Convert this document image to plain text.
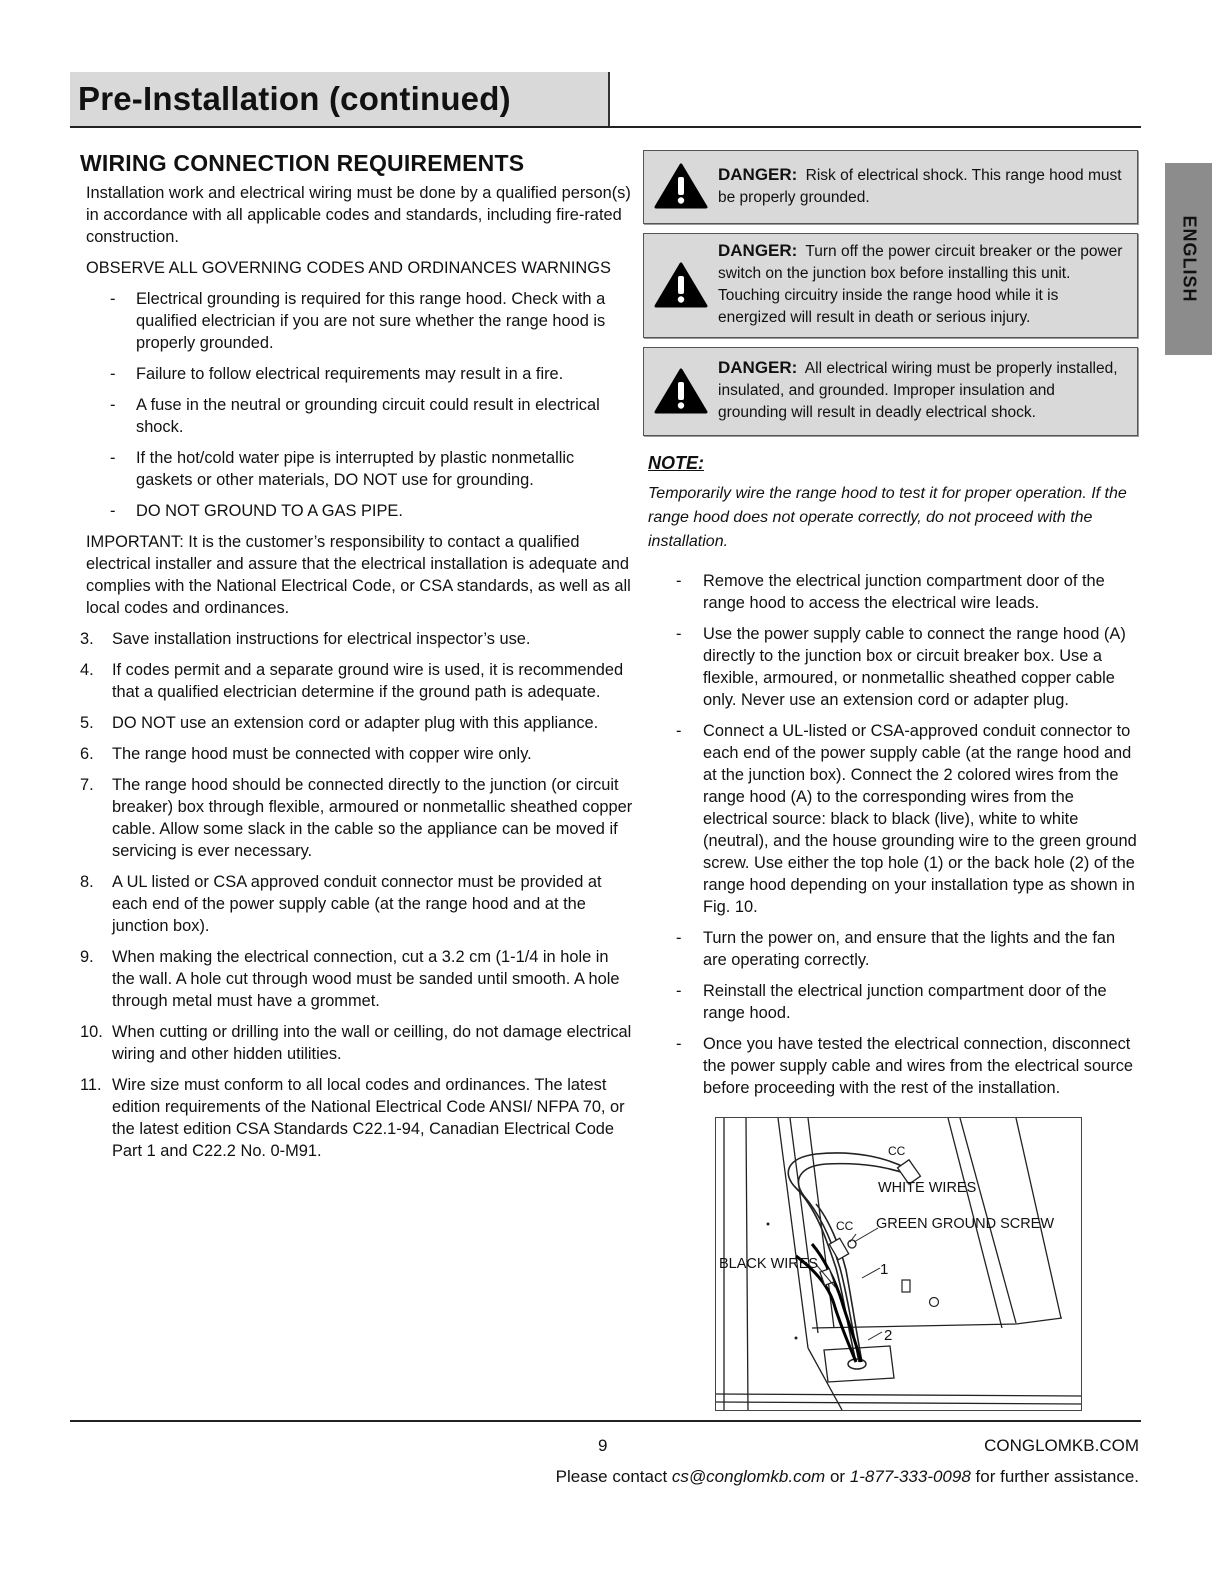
Pre-Installation (continued)
ENGLISH
WIRING CONNECTION REQUIREMENTS
Installation work and electrical wiring must be done by a qualified person(s) in accordance with all applicable codes and standards, including fire-rated construction.
OBSERVE ALL GOVERNING CODES AND ORDINANCES WARNINGS
-	Electrical grounding is required for this range hood. Check with a qualified electrician if you are not sure whether the range hood is properly grounded.
-	Failure to follow electrical requirements may result in a fire.
-	A fuse in the neutral or grounding circuit could result in electrical shock.
-	If the hot/cold water pipe is interrupted by plastic nonmetallic gaskets or other materials, DO NOT use for grounding.
-	DO NOT GROUND TO A GAS PIPE.
IMPORTANT: It is the customer’s responsibility to contact a qualified electrical installer and assure that the electrical installation is adequate and complies with the National Electrical Code, or CSA standards, as well as all local codes and ordinances.
3.	Save installation instructions for electrical inspector’s use.
4.	If codes permit and a separate ground wire is used, it is recommended that a qualified electrician determine if the ground path is adequate.
5.	DO NOT use an extension cord or adapter plug with this appliance.
6.	The range hood must be connected with copper wire only.
7.	The range hood should be connected directly to the junction (or circuit breaker) box through flexible, armoured or nonmetallic sheathed copper cable. Allow some slack in the cable so the appliance can be moved if servicing is ever necessary.
8.	A UL listed or CSA approved conduit connector must be provided at each end of the power supply cable (at the range hood and at the junction box).
9.	When making the electrical connection, cut a 3.2 cm (1-1/4 in hole in the wall. A hole cut through wood must be sanded until smooth. A hole through metal must have a grommet.
10. When cutting or drilling into the wall or ceilling, do not damage electrical wiring and other hidden utilities.
11. Wire size must conform to all local codes and ordinances. The latest edition requirements of the National Electrical Code ANSI/ NFPA 70, or the latest edition CSA Standards C22.1-94, Canadian Electrical Code Part 1 and C22.2 No. 0-M91.
DANGER: Risk of electrical shock. This range hood must be properly grounded.
DANGER: Turn off the power circuit breaker or the power switch on the junction box before installing this unit. Touching circuitry inside the range hood while it is energized will result in death or serious injury.
DANGER: All electrical wiring must be properly installed, insulated, and grounded. Improper insulation and grounding will result in deadly electrical shock.
NOTE:
Temporarily wire the range hood to test it for proper operation. If the range hood does not operate correctly, do not proceed with the installation.
-	Remove the electrical junction compartment door of the range hood to access the electrical wire leads.
-	Use the power supply cable to connect the range hood (A) directly to the junction box or circuit breaker box. Use a flexible, armoured, or nonmetallic sheathed copper cable only. Never use an extension cord or adapter plug.
-	Connect a UL-listed or CSA-approved conduit connector to each end of the power supply cable (at the range hood and at the junction box). Connect the 2 colored wires from the range hood (A) to the corresponding wires from the electrical source: black to black (live), white to white (neutral), and the house grounding wire to the green ground screw. Use either the top hole (1) or the back hole (2) of the range hood depending on your installation type as shown in Fig. 10.
-	Turn the power on, and ensure that the lights and the fan are operating correctly.
-	Reinstall the electrical junction compartment door of the range hood.
-	Once you have tested the electrical connection, disconnect the power supply cable and wires from the electrical source before proceeding with the rest of the installation.
CC
WHITE WIRES
CC GREEN GROUND SCREW
BLACK WIRES	1
2
9	CONGLOMKB.COM
Please contact cs@conglomkb.com or 1-877-333-0098 for further assistance.
